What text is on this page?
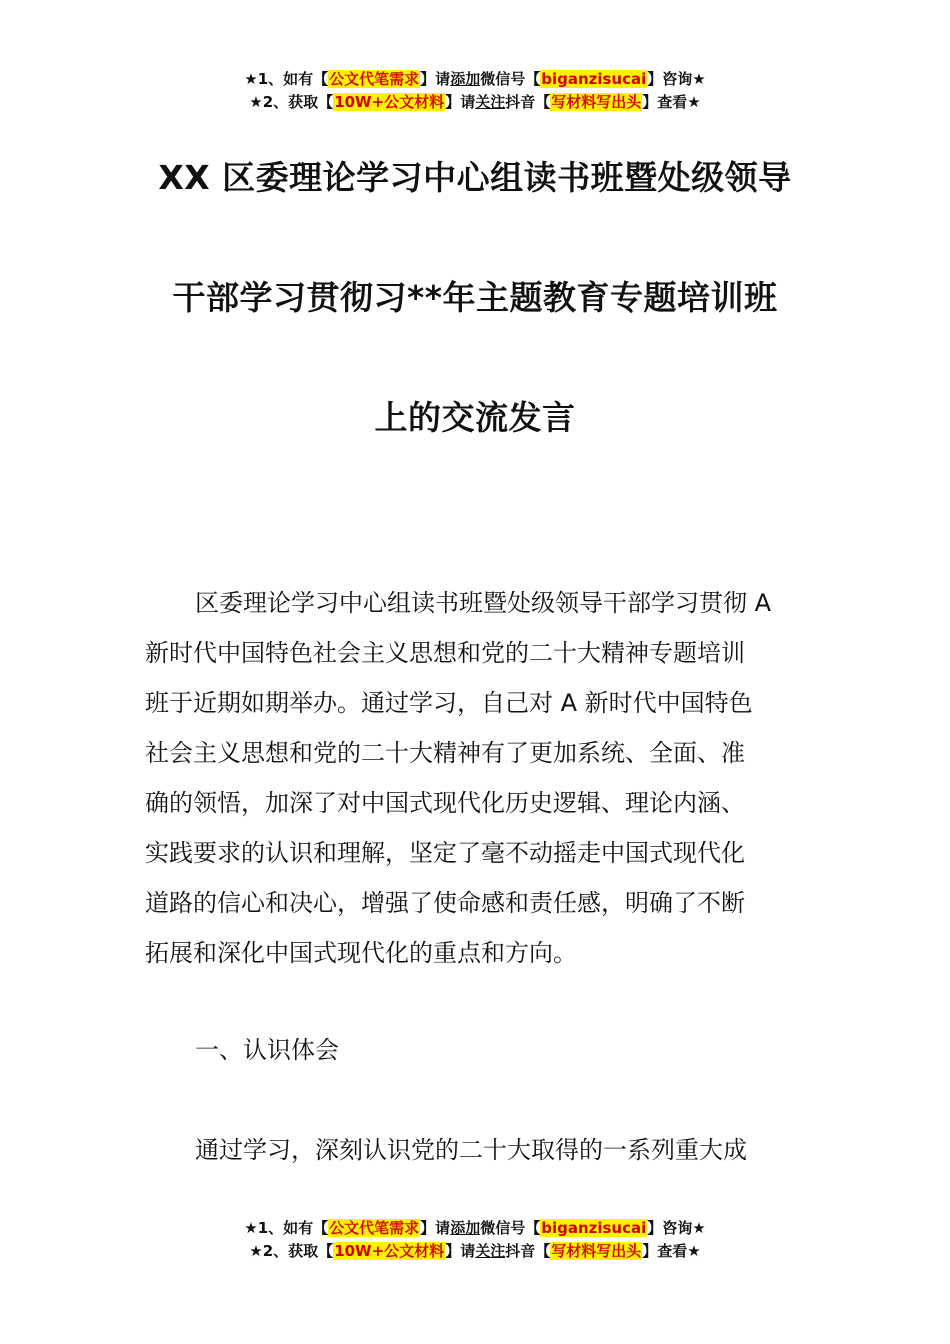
★1、如有【公文代笔需求】请添加微信号【biganzisucai】咨询★
★2、获取【10W+公文材料】请关注抖音【写材料写出头】查看★
XX 区委理论学习中心组读书班暨处级领导
干部学习贯彻习**年主题教育专题培训班
上的交流发言
区委理论学习中心组读书班暨处级领导干部学习贯彻 A
新时代中国特色社会主义思想和党的二十大精神专题培训
班于近期如期举办。通过学习，自己对 A 新时代中国特色
社会主义思想和党的二十大精神有了更加系统、全面、准
确的领悟，加深了对中国式现代化历史逻辑、理论内涵、
实践要求的认识和理解，坚定了毫不动摇走中国式现代化
道路的信心和决心，增强了使命感和责任感，明确了不断
拓展和深化中国式现代化的重点和方向。
一、认识体会
通过学习，深刻认识党的二十大取得的一系列重大成
★1、如有【公文代笔需求】请添加微信号【biganzisucai】咨询★
★2、获取【10W+公文材料】请关注抖音【写材料写出头】查看★
